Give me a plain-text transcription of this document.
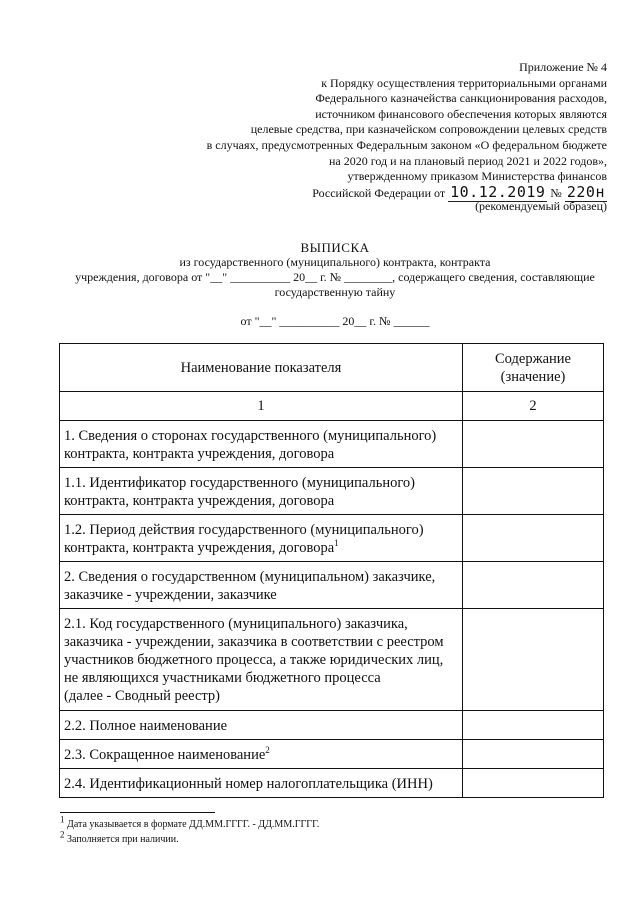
Приложение № 4
к Порядку осуществления территориальными органами
Федерального казначейства санкционирования расходов,
источником финансового обеспечения которых являются
целевые средства, при казначейском сопровождении целевых средств
в случаях, предусмотренных Федеральным законом «О федеральном бюджете
на 2020 год и на плановый период 2021 и 2022 годов»,
утвержденному приказом Министерства финансов
Российской Федерации от 10.12.2019 № 220н
(рекомендуемый образец)
ВЫПИСКА
из государственного (муниципального) контракта, контракта
учреждения, договора от "__" __________ 20__ г. № ________, содержащего сведения, составляющие
государственную тайну
от "__" __________ 20__ г. № ______
Наименование показателя	Содержание (значение)
1	2
1. Сведения о сторонах государственного (муниципального) контракта, контракта учреждения, договора	
1.1. Идентификатор государственного (муниципального) контракта, контракта учреждения, договора	
1.2. Период действия государственного (муниципального) контракта, контракта учреждения, договора$^1$	
2. Сведения о государственном (муниципальном) заказчике, заказчике - учреждении, заказчике	
2.1. Код государственного (муниципального) заказчика, заказчика - учреждении, заказчика в соответствии с реестром участников бюджетного процесса, а также юридических лиц, не являющихся участниками бюджетного процесса
(далее - Сводный реестр)	
2.2. Полное наименование	
2.3. Сокращенное наименование$^2$	
2.4. Идентификационный номер налогоплательщика (ИНН)	
$^1$ Дата указывается в формате ДД.ММ.ГГГГ. - ДД.ММ.ГГГГ.
$^2$ Заполняется при наличии.
